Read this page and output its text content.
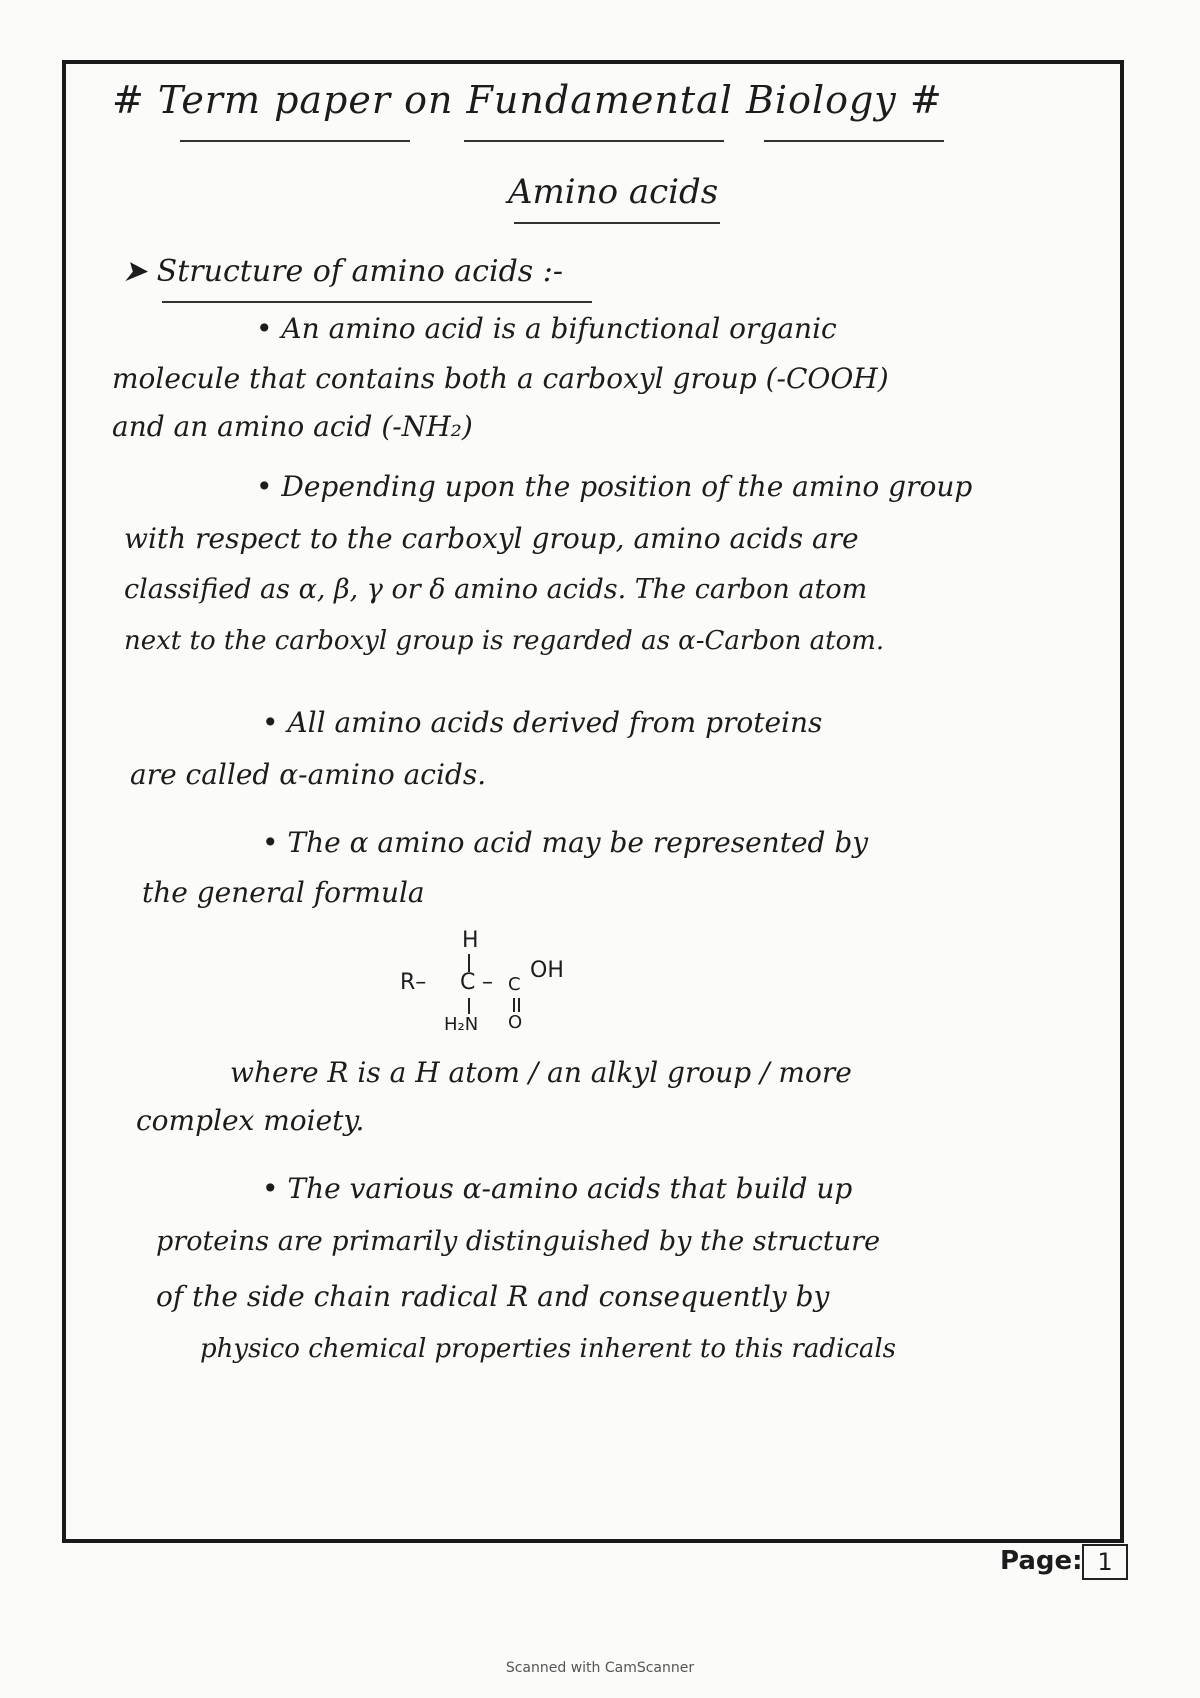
# Term paper on Fundamental Biology #
Amino acids
➤ Structure of amino acids :-
• An amino acid is a bifunctional organic
molecule that contains both a carboxyl group (-COOH)
and an amino acid (-NH₂)
• Depending upon the position of the amino group
with respect to the carboxyl group, amino acids are
classified as α, β, γ or δ amino acids. The carbon atom
next to the carboxyl group is regarded as α-Carbon atom.
• All amino acids derived from proteins
are called α-amino acids.
• The α amino acid may be represented by
the general formula
H
R– C – C
OH
H₂N O
where R is a H atom / an alkyl group / more
complex moiety.
• The various α-amino acids that build up
proteins are primarily distinguished by the structure
of the side chain radical R and consequently by
physico chemical properties inherent to this radicals
Page: 1
Scanned with CamScanner
